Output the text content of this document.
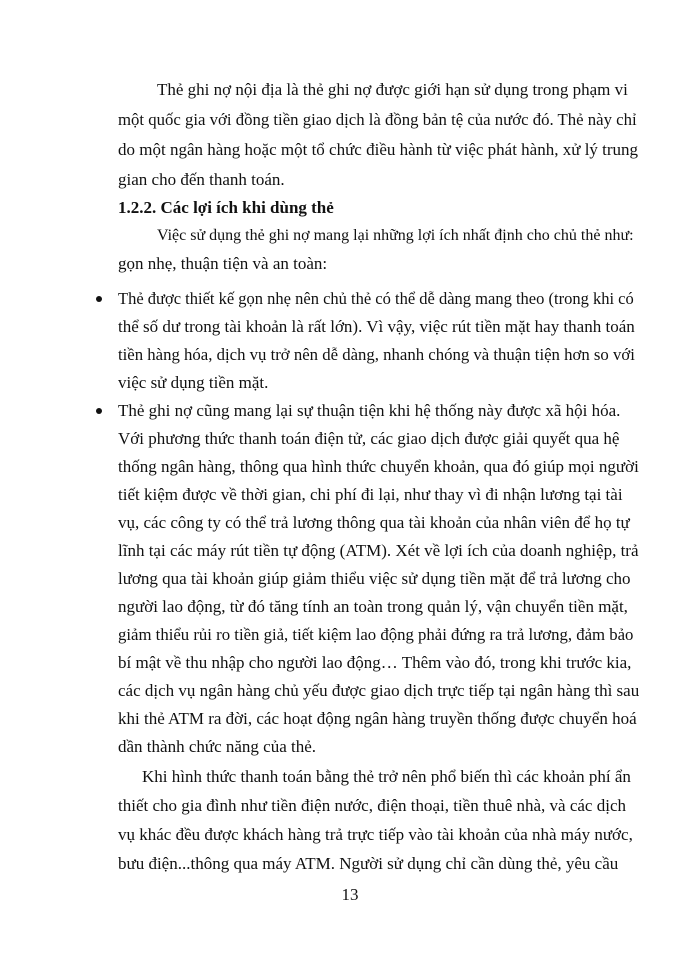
Thẻ ghi nợ nội địa là thẻ ghi nợ được giới hạn sử dụng trong phạm vi
một quốc gia với đồng tiền giao dịch là đồng bản tệ của nước đó. Thẻ này chỉ
do một ngân hàng hoặc một tổ chức điều hành từ việc phát hành, xử lý trung
gian cho đến thanh toán.
1.2.2. Các lợi ích khi dùng thẻ
Việc sử dụng thẻ ghi nợ mang lại những lợi ích nhất định cho chủ thẻ như:
gọn nhẹ, thuận tiện và an toàn:
Thẻ được thiết kế gọn nhẹ nên chủ thẻ có thể dễ dàng mang theo (trong khi có
thể số dư trong tài khoản là rất lớn). Vì vậy, việc rút tiền mặt hay thanh toán
tiền hàng hóa, dịch vụ trở nên dễ dàng, nhanh chóng và thuận tiện hơn so với
việc sử dụng tiền mặt.
Thẻ ghi nợ cũng mang lại sự thuận tiện khi hệ thống này được xã hội hóa.
Với phương thức thanh toán điện tử, các giao dịch được giải quyết qua hệ
thống ngân hàng, thông qua hình thức chuyển khoản, qua đó giúp mọi người
tiết kiệm được về thời gian, chi phí đi lại, như thay vì đi nhận lương tại tài
vụ, các công ty có thể trả lương thông qua tài khoản của nhân viên để họ tự
lĩnh tại các máy rút tiền tự động (ATM). Xét về lợi ích của doanh nghiệp, trả
lương qua tài khoản giúp giảm thiểu việc sử dụng tiền mặt để trả lương cho
người lao động, từ đó tăng tính an toàn trong quản lý, vận chuyển tiền mặt,
giảm thiểu rủi ro tiền giả, tiết kiệm lao động phải đứng ra trả lương, đảm bảo
bí mật về thu nhập cho người lao động… Thêm vào đó, trong khi trước kia,
các dịch vụ ngân hàng chủ yếu được giao dịch trực tiếp tại ngân hàng thì sau
khi thẻ ATM ra đời, các hoạt động ngân hàng truyền thống được chuyển hoá
dần thành chức năng của thẻ.
Khi hình thức thanh toán bằng thẻ trở nên phổ biến thì các khoản phí ẩn
thiết cho gia đình như tiền điện nước, điện thoại, tiền thuê nhà, và các dịch
vụ khác đều được khách hàng trả trực tiếp vào tài khoản của nhà máy nước,
bưu điện...thông qua máy ATM. Người sử dụng chỉ cần dùng thẻ, yêu cầu
13
